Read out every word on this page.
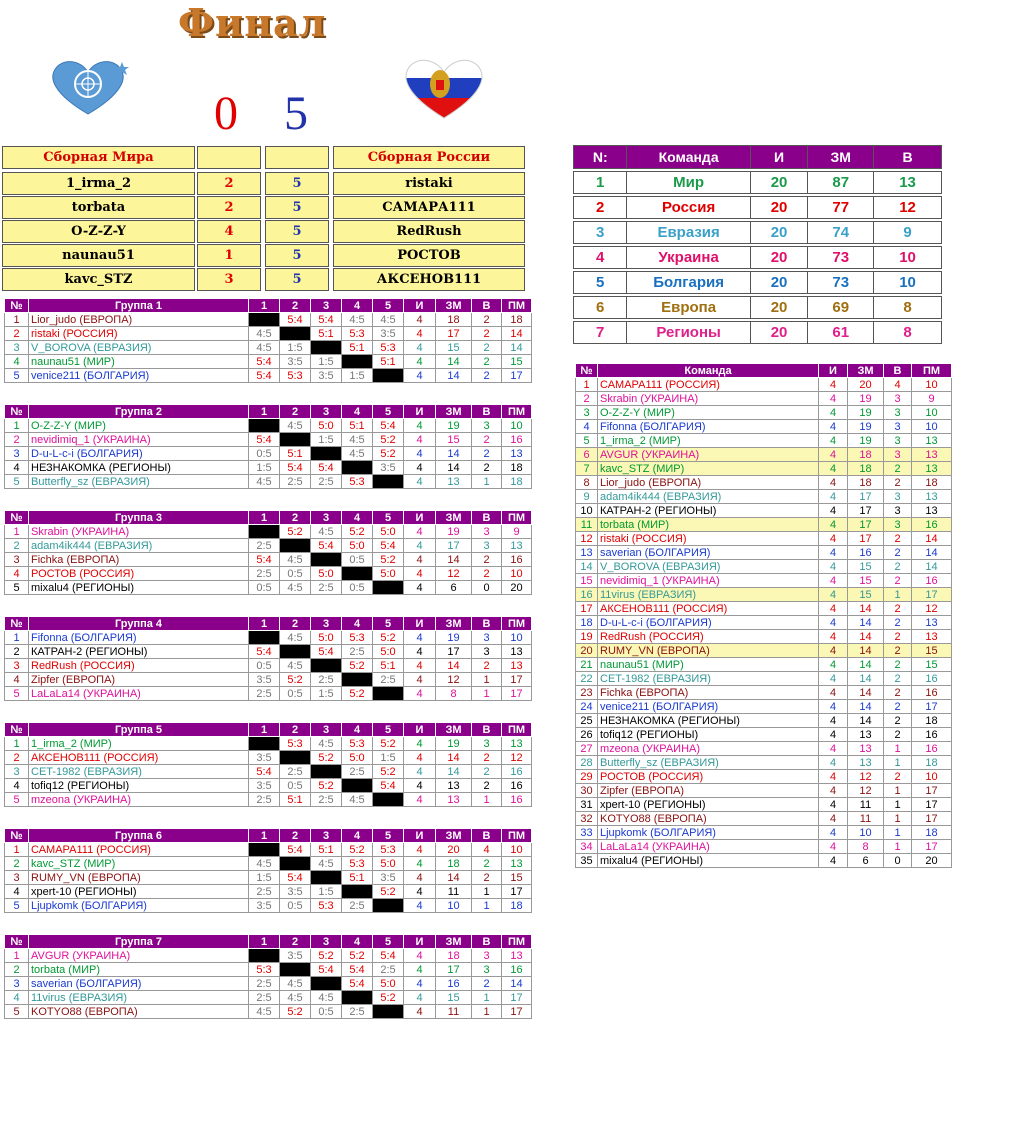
Финал
0 5
Сборная Мира	Сборная России
1_irma_2	2	5	ristaki
torbata	2	5	САМАРА111
O-Z-Z-Y	4	5	RedRush
naunau51	1	5	РОСТОВ
kavc_STZ	3	5	АКСЕНОВ111
N:	Команда	И	ЗМ	В

1	Мир	20	87	13

2	Россия	20	77	12

3	Евразия	20	74	9

4	Украина	20	73	10

5	Болгария	20	73	10

6	Европа	20	69	8

7	Регионы	20	61	8
№	Группа 1	1	2	3	4	5	И	ЗМ	В	ПМ
1	Lior_judo (ЕВРОПА)		5:4	5:4	4:5	4:5	4	18	2	18
2	ristaki (РОССИЯ)	4:5		5:1	5:3	3:5	4	17	2	14
3	V_BOROVA (ЕВРАЗИЯ)	4:5	1:5		5:1	5:3	4	15	2	14
4	naunau51 (МИР)	5:4	3:5	1:5		5:1	4	14	2	15
5	venice211 (БОЛГАРИЯ)	5:4	5:3	3:5	1:5		4	14	2	17
№	Группа 2	1	2	3	4	5	И	ЗМ	В	ПМ
1	O-Z-Z-Y (МИР)		4:5	5:0	5:1	5:4	4	19	3	10
2	nevidimiq_1 (УКРАИНА)	5:4		1:5	4:5	5:2	4	15	2	16
3	D-u-L-c-i (БОЛГАРИЯ)	0:5	5:1		4:5	5:2	4	14	2	13
4	НЕЗНАКОМКА (РЕГИОНЫ)	1:5	5:4	5:4		3:5	4	14	2	18
5	Butterfly_sz (ЕВРАЗИЯ)	4:5	2:5	2:5	5:3		4	13	1	18
№	Группа 3	1	2	3	4	5	И	ЗМ	В	ПМ
1	Skrabin (УКРАИНА)		5:2	4:5	5:2	5:0	4	19	3	9
2	adam4ik444 (ЕВРАЗИЯ)	2:5		5:4	5:0	5:4	4	17	3	13
3	Fichka (ЕВРОПА)	5:4	4:5		0:5	5:2	4	14	2	16
4	РОСТОВ (РОССИЯ)	2:5	0:5	5:0		5:0	4	12	2	10
5	mixalu4 (РЕГИОНЫ)	0:5	4:5	2:5	0:5		4	6	0	20
№	Группа 4	1	2	3	4	5	И	ЗМ	В	ПМ
1	Fifonna (БОЛГАРИЯ)		4:5	5:0	5:3	5:2	4	19	3	10
2	КАТРАН-2 (РЕГИОНЫ)	5:4		5:4	2:5	5:0	4	17	3	13
3	RedRush (РОССИЯ)	0:5	4:5		5:2	5:1	4	14	2	13
4	Zipfer (ЕВРОПА)	3:5	5:2	2:5		2:5	4	12	1	17
5	LaLaLa14 (УКРАИНА)	2:5	0:5	1:5	5:2		4	8	1	17
№	Группа 5	1	2	3	4	5	И	ЗМ	В	ПМ
1	1_irma_2 (МИР)		5:3	4:5	5:3	5:2	4	19	3	13
2	АКСЕНОВ111 (РОССИЯ)	3:5		5:2	5:0	1:5	4	14	2	12
3	CET-1982 (ЕВРАЗИЯ)	5:4	2:5		2:5	5:2	4	14	2	16
4	tofiq12 (РЕГИОНЫ)	3:5	0:5	5:2		5:4	4	13	2	16
5	mzeona (УКРАИНА)	2:5	5:1	2:5	4:5		4	13	1	16
№	Группа 6	1	2	3	4	5	И	ЗМ	В	ПМ
1	САМАРА111 (РОССИЯ)		5:4	5:1	5:2	5:3	4	20	4	10
2	kavc_STZ (МИР)	4:5		4:5	5:3	5:0	4	18	2	13
3	RUMY_VN (ЕВРОПА)	1:5	5:4		5:1	3:5	4	14	2	15
4	xpert-10 (РЕГИОНЫ)	2:5	3:5	1:5		5:2	4	11	1	17
5	Ljupkomk (БОЛГАРИЯ)	3:5	0:5	5:3	2:5		4	10	1	18
№	Группа 7	1	2	3	4	5	И	ЗМ	В	ПМ
1	AVGUR (УКРАИНА)		3:5	5:2	5:2	5:4	4	18	3	13
2	torbata (МИР)	5:3		5:4	5:4	2:5	4	17	3	16
3	saverian (БОЛГАРИЯ)	2:5	4:5		5:4	5:0	4	16	2	14
4	11virus (ЕВРАЗИЯ)	2:5	4:5	4:5		5:2	4	15	1	17
5	KOTYO88 (ЕВРОПА)	4:5	5:2	0:5	2:5		4	11	1	17
№	Команда	И	ЗМ	В	ПМ
1	САМАРА111 (РОССИЯ)	4	20	4	10
2	Skrabin (УКРАИНА)	4	19	3	9
3	O-Z-Z-Y (МИР)	4	19	3	10
4	Fifonna (БОЛГАРИЯ)	4	19	3	10
5	1_irma_2 (МИР)	4	19	3	13
6	AVGUR (УКРАИНА)	4	18	3	13
7	kavc_STZ (МИР)	4	18	2	13
8	Lior_judo (ЕВРОПА)	4	18	2	18
9	adam4ik444 (ЕВРАЗИЯ)	4	17	3	13
10	КАТРАН-2 (РЕГИОНЫ)	4	17	3	13
11	torbata (МИР)	4	17	3	16
12	ristaki (РОССИЯ)	4	17	2	14
13	saverian (БОЛГАРИЯ)	4	16	2	14
14	V_BOROVA (ЕВРАЗИЯ)	4	15	2	14
15	nevidimiq_1 (УКРАИНА)	4	15	2	16
16	11virus (ЕВРАЗИЯ)	4	15	1	17
17	АКСЕНОВ111 (РОССИЯ)	4	14	2	12
18	D-u-L-c-i (БОЛГАРИЯ)	4	14	2	13
19	RedRush (РОССИЯ)	4	14	2	13
20	RUMY_VN (ЕВРОПА)	4	14	2	15
21	naunau51 (МИР)	4	14	2	15
22	CET-1982 (ЕВРАЗИЯ)	4	14	2	16
23	Fichka (ЕВРОПА)	4	14	2	16
24	venice211 (БОЛГАРИЯ)	4	14	2	17
25	НЕЗНАКОМКА (РЕГИОНЫ)	4	14	2	18
26	tofiq12 (РЕГИОНЫ)	4	13	2	16
27	mzeona (УКРАИНА)	4	13	1	16
28	Butterfly_sz (ЕВРАЗИЯ)	4	13	1	18
29	РОСТОВ (РОССИЯ)	4	12	2	10
30	Zipfer (ЕВРОПА)	4	12	1	17
31	xpert-10 (РЕГИОНЫ)	4	11	1	17
32	KOTYO88 (ЕВРОПА)	4	11	1	17
33	Ljupkomk (БОЛГАРИЯ)	4	10	1	18
34	LaLaLa14 (УКРАИНА)	4	8	1	17
35	mixalu4 (РЕГИОНЫ)	4	6	0	20
